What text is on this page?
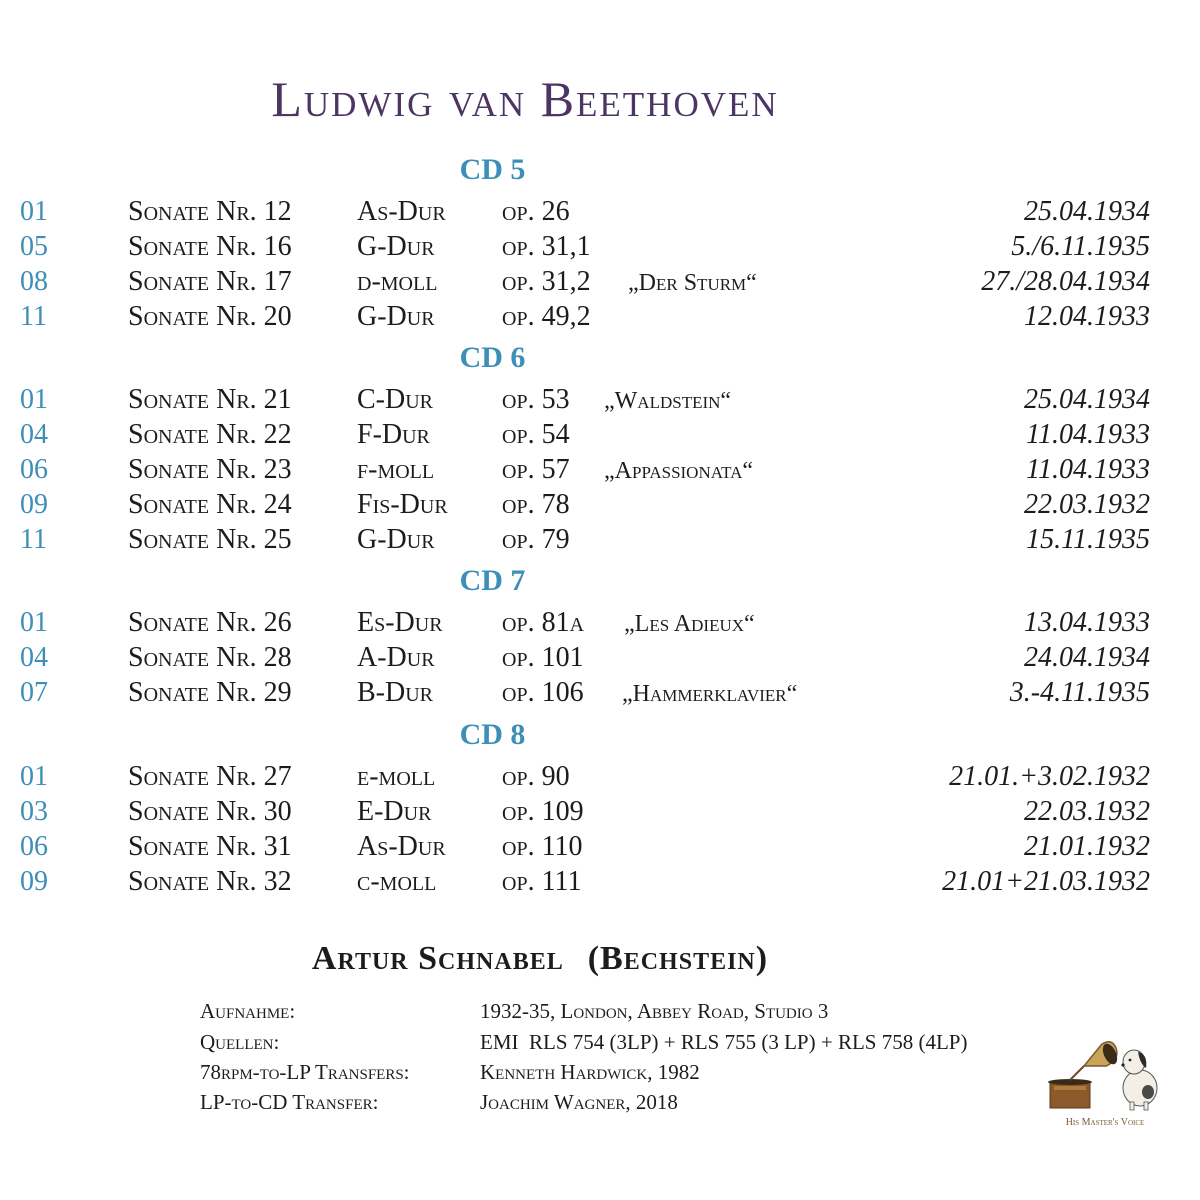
Ludwig van Beethoven
CD 5
01	Sonate Nr. 12 As-Dur op. 26	25.04.1934
05	Sonate Nr. 16 G-Dur op. 31,1	5./6.11.1935
08	Sonate Nr. 17 d-moll op. 31,2 „Der Sturm“	27./28.04.1934
11	Sonate Nr. 20 G-Dur op. 49,2	12.04.1933
CD 6
01	Sonate Nr. 21 C-Dur op. 53 „Waldstein“	25.04.1934
04	Sonate Nr. 22 F-Dur	op. 54	11.04.1933
06	Sonate Nr. 23 f-moll op. 57 „Appassionata“	11.04.1933
09	Sonate Nr. 24 Fis-Dur op. 78	22.03.1932
11	Sonate Nr. 25 G-Dur op. 79	15.11.1935
CD 7
01	Sonate Nr. 26 Es-Dur op. 81a „Les Adieux“	13.04.1933
04	Sonate Nr. 28 A-Dur op. 101	24.04.1934
07	Sonate Nr. 29 B-Dur op. 106 „Hammerklavier“	3.-4.11.1935
CD 8
01	Sonate Nr. 27 e-moll op. 90	21.01.+3.02.1932
03	Sonate Nr. 30 E-Dur	op. 109	22.03.1932
06	Sonate Nr. 31 As-Dur op. 110	21.01.1932
09	Sonate Nr. 32 c-moll op. 111	21.01+21.03.1932
Artur Schnabel (Bechstein)
Aufnahme:	1932-35, London, Abbey Road, Studio 3
Quellen:	EMI  RLS 754 (3LP) + RLS 755 (3 LP) + RLS 758 (4LP)
78rpm-to-LP Transfers:	Kenneth Hardwick, 1982
LP-to-CD Transfer:	Joachim Wagner, 2018
His Master's Voice
